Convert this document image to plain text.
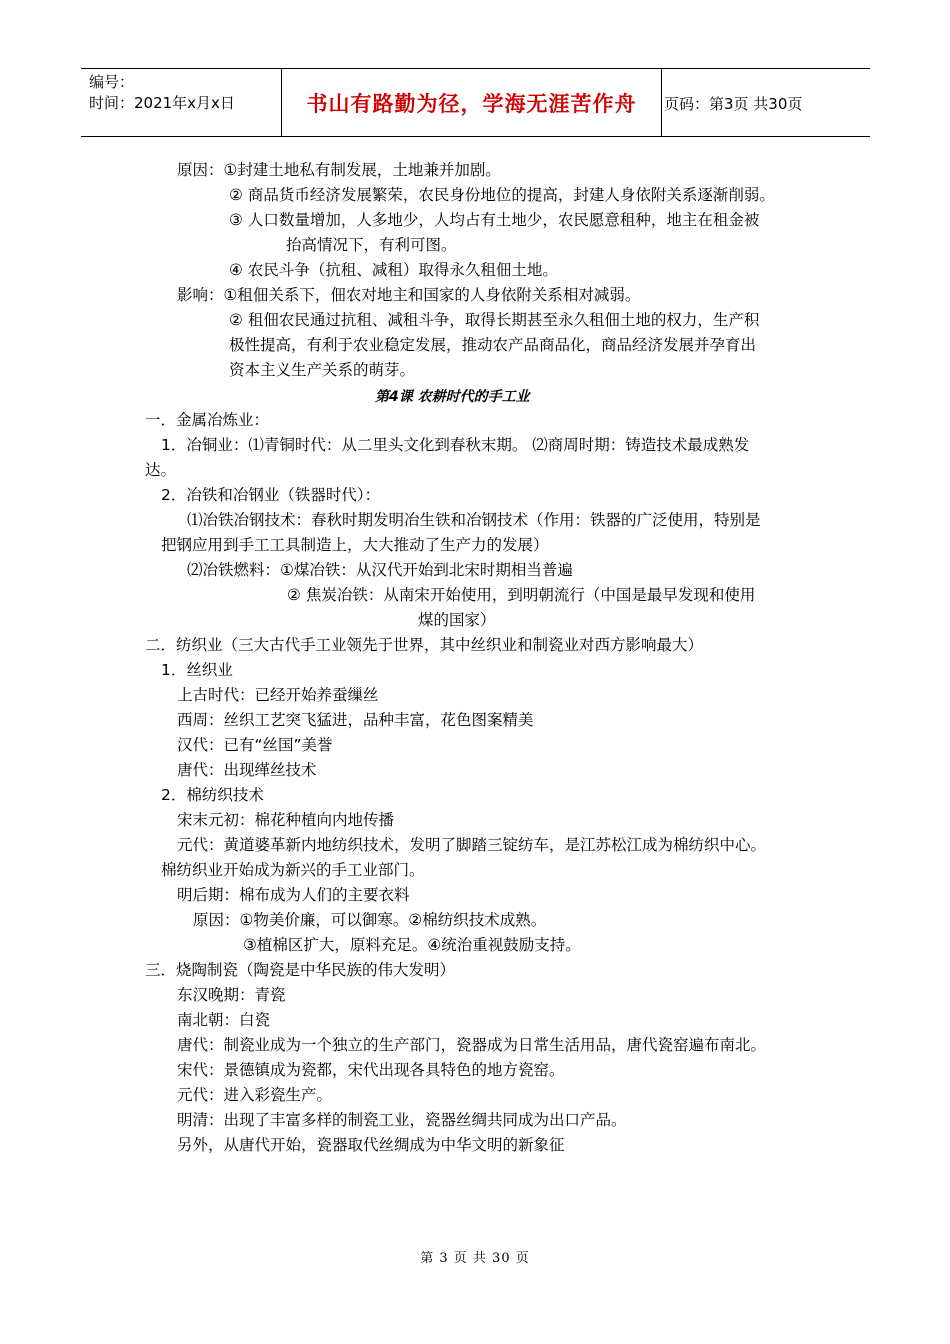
编号：
时间：2021年x月x日	书山有路勤为径，学海无涯苦作舟	页码：第3页 共30页
原因：①封建土地私有制发展，土地兼并加剧。
② 商品货币经济发展繁荣，农民身份地位的提高，封建人身依附关系逐渐削弱。
③ 人口数量增加，人多地少，人均占有土地少，农民愿意租种，地主在租金被
抬高情况下，有利可图。
④ 农民斗争（抗租、减租）取得永久租佃土地。
影响：①租佃关系下，佃农对地主和国家的人身依附关系相对减弱。
② 租佃农民通过抗租、减租斗争，取得长期甚至永久租佃土地的权力，生产积
极性提高，有利于农业稳定发展，推动农产品商品化，商品经济发展并孕育出
资本主义生产关系的萌芽。
第4课 农耕时代的手工业
一．金属冶炼业：
1．冶铜业：⑴青铜时代：从二里头文化到春秋末期。 ⑵商周时期：铸造技术最成熟发
达。
2．冶铁和冶钢业（铁器时代）：
⑴冶铁冶钢技术：春秋时期发明冶生铁和冶钢技术（作用：铁器的广泛使用，特别是
把钢应用到手工工具制造上，大大推动了生产力的发展）
⑵冶铁燃料：①煤冶铁：从汉代开始到北宋时期相当普遍
② 焦炭冶铁：从南宋开始使用，到明朝流行（中国是最早发现和使用
煤的国家）
二．纺织业（三大古代手工业领先于世界，其中丝织业和制瓷业对西方影响最大）
1．丝织业
上古时代：已经开始养蚕缫丝
西周：丝织工艺突飞猛进，品种丰富，花色图案精美
汉代：已有“丝国”美誉
唐代：出现缂丝技术
2．棉纺织技术
宋末元初：棉花种植向内地传播
元代：黄道婆革新内地纺织技术，发明了脚踏三锭纺车，是江苏松江成为棉纺织中心。
棉纺织业开始成为新兴的手工业部门。
明后期：棉布成为人们的主要衣料
原因：①物美价廉，可以御寒。②棉纺织技术成熟。
③植棉区扩大，原料充足。④统治重视鼓励支持。
三．烧陶制瓷（陶瓷是中华民族的伟大发明）
东汉晚期：青瓷
南北朝：白瓷
唐代：制瓷业成为一个独立的生产部门，瓷器成为日常生活用品，唐代瓷窑遍布南北。
宋代：景德镇成为瓷都，宋代出现各具特色的地方瓷窑。
元代：进入彩瓷生产。
明清：出现了丰富多样的制瓷工业，瓷器丝绸共同成为出口产品。
另外，从唐代开始，瓷器取代丝绸成为中华文明的新象征
第 3 页 共 30 页
